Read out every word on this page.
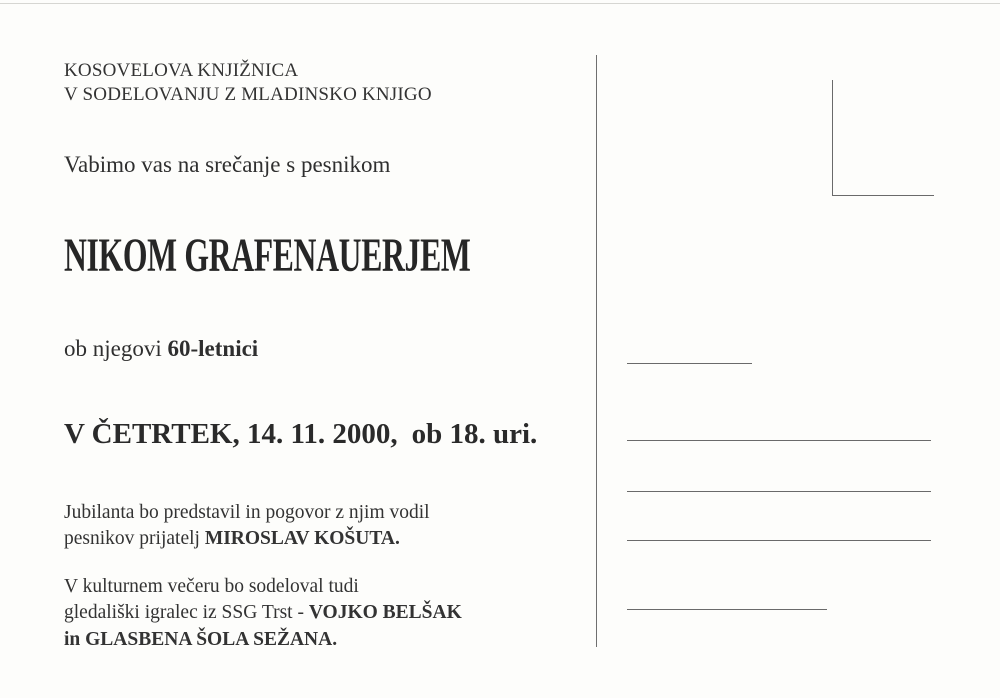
KOSOVELOVA KNJIŽNICA

V SODELOVANJU Z MLADINSKO KNJIGO

Vabimo vas na srečanje s pesnikom

NIKOM GRAFENAUERJEM

ob njegovi 60-letnici

V ČETRTEK, 14. 11. 2000, ob 18. uri.

Jubilanta bo predstavil in pogovor z njim vodil

pesnikov prijatelj MIROSLAV KOŠUTA.

V kulturnem večeru bo sodeloval tudi

gledališki igralec iz SSG Trst - VOJKO BELŠAK

in GLASBENA ŠOLA SEŽANA.
